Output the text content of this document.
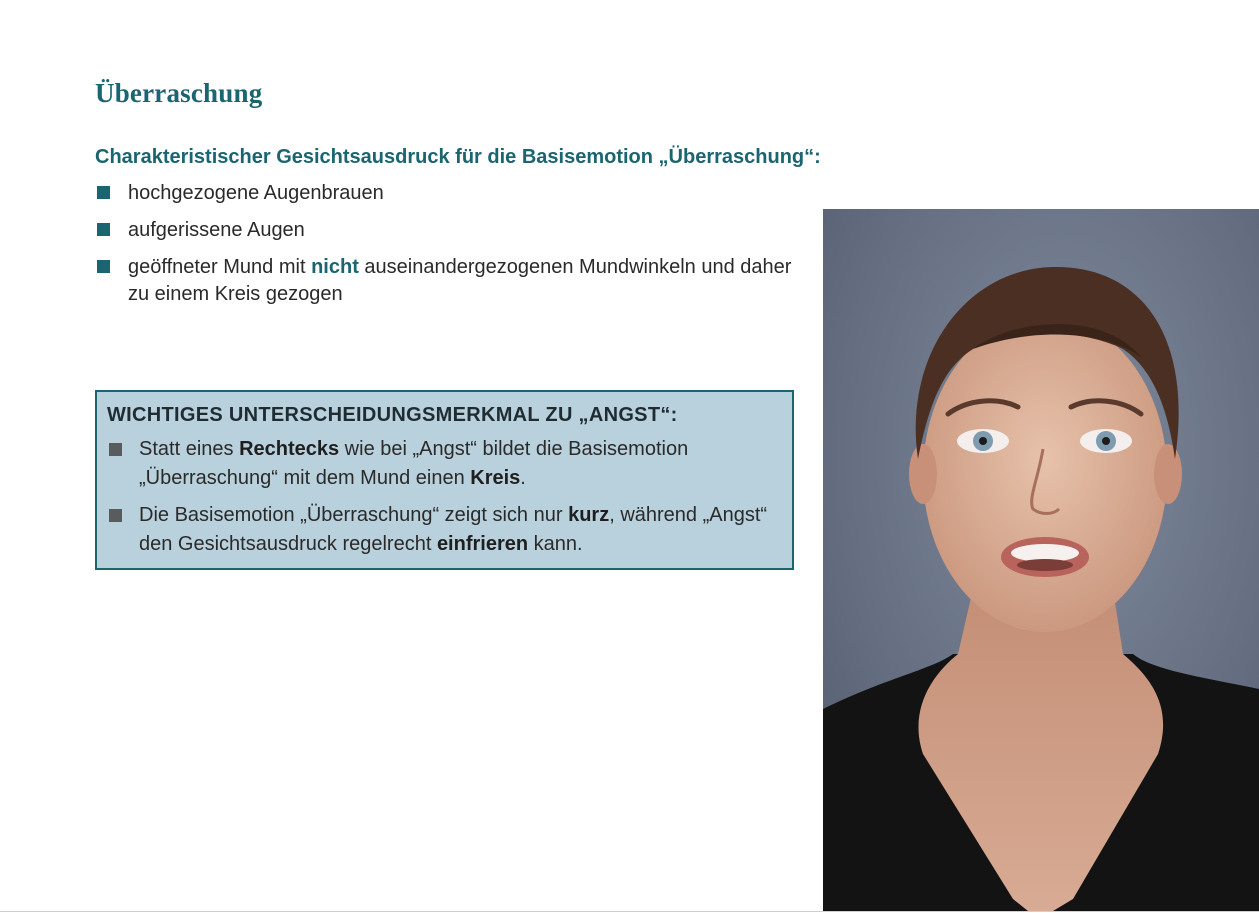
Überraschung
Charakteristischer Gesichtsausdruck für die Basisemotion „Überraschung“:
hochgezogene Augenbrauen
aufgerissene Augen
geöffneter Mund mit nicht auseinandergezogenen Mundwinkeln und daher zu einem Kreis gezogen
WICHTIGES UNTERSCHEIDUNGSMERKMAL ZU „ANGST“:
Statt eines Rechtecks wie bei „Angst“ bildet die Basisemotion „Überraschung“ mit dem Mund einen Kreis.
Die Basisemotion „Überraschung“ zeigt sich nur kurz, während „Angst“ den Gesichtsausdruck regelrecht einfrieren kann.
